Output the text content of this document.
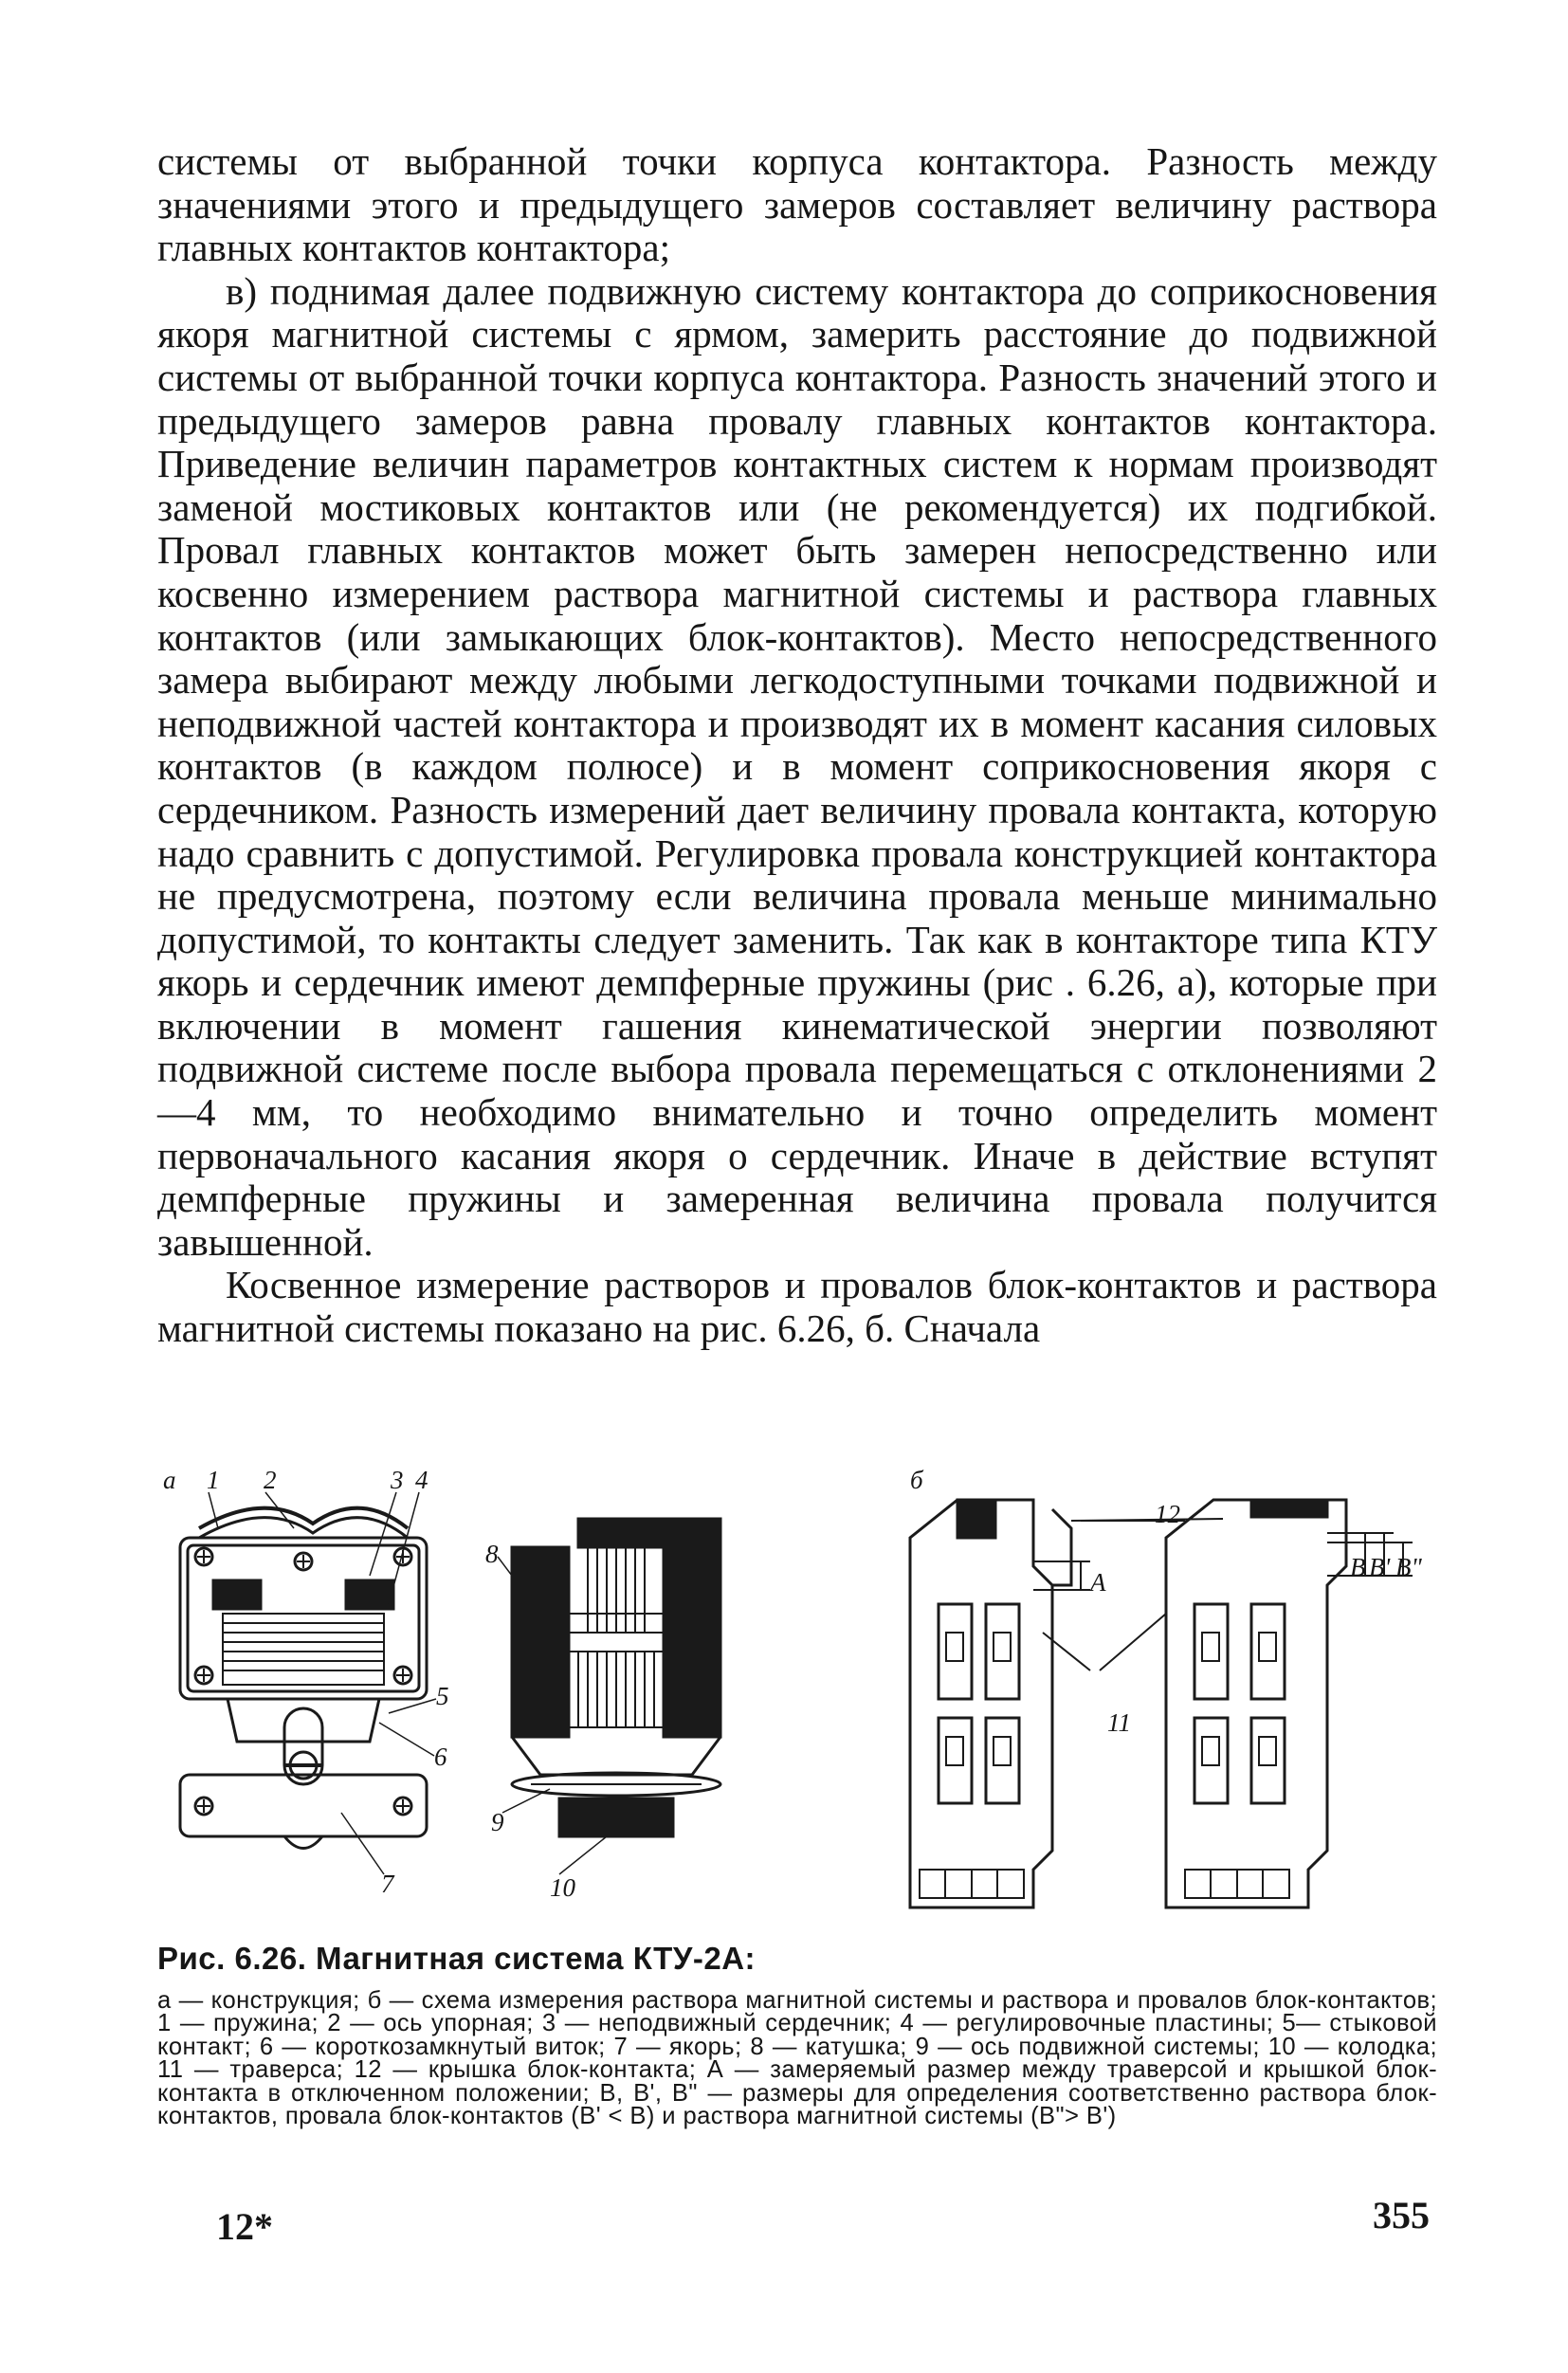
системы от выбранной точки корпуса контактора. Разность между значениями этого и предыдущего замеров составляет величину раствора главных контактов контактора;

в) поднимая далее подвижную систему контактора до соприкосновения якоря магнитной системы с ярмом, замерить расстояние до подвижной системы от выбранной точки корпуса контактора. Разность значений этого и предыдущего замеров равна провалу главных контактов контактора. Приведение величин параметров контактных систем к нормам производят заменой мостиковых контактов или (не рекомендуется) их подгибкой. Провал главных контактов может быть замерен непосредственно или косвенно измерением раствора магнитной системы и раствора главных контактов (или замыкающих блок-контактов). Место непосредственного замера выбирают между любыми легкодоступными точками подвижной и неподвижной частей контактора и производят их в момент касания силовых контактов (в каждом полюсе) и в момент соприкосновения якоря с сердечником. Разность измерений дает величину провала контакта, которую надо сравнить с допустимой. Регулировка провала конструкцией контактора не предусмотрена, поэтому если величина провала меньше минимально допустимой, то контакты следует заменить. Так как в контакторе типа КТУ якорь и сердечник имеют демпферные пружины (рис . 6.26, а), которые при включении в момент гашения кинематической энергии позволяют подвижной системе после выбора провала перемещаться с отклонениями 2—4 мм, то необходимо внимательно и точно определить момент первоначального касания якоря о сердечник. Иначе в действие вступят демпферные пружины и замеренная величина провала получится завышенной.

Косвенное измерение растворов и провалов блок-контактов и раствора магнитной системы показано на рис. 6.26, б. Сначала

а 1 2	3 4
8
5
6
7
9
10
б
12
11
А
В В' В"
Рис. 6.26. Магнитная система КТУ-2А:

а — конструкция; б — схема измерения раствора магнитной системы и раствора и провалов блок-контактов; 1 — пружина; 2 — ось упорная; 3 — неподвижный сердечник; 4 — регулировочные пластины; 5— стыковой контакт; 6 — короткозамкнутый виток; 7 — якорь; 8 — катушка; 9 — ось подвижной системы; 10 — колодка; 11 — траверса; 12 — крышка блок-контакта; А — замеряемый размер между траверсой и крышкой блок-контакта в отключенном положении; В, В', В" — размеры для определения соответственно раствора блок-контактов, провала блок-контактов (В' < В) и раствора магнитной системы (В"> В')

12*	355
